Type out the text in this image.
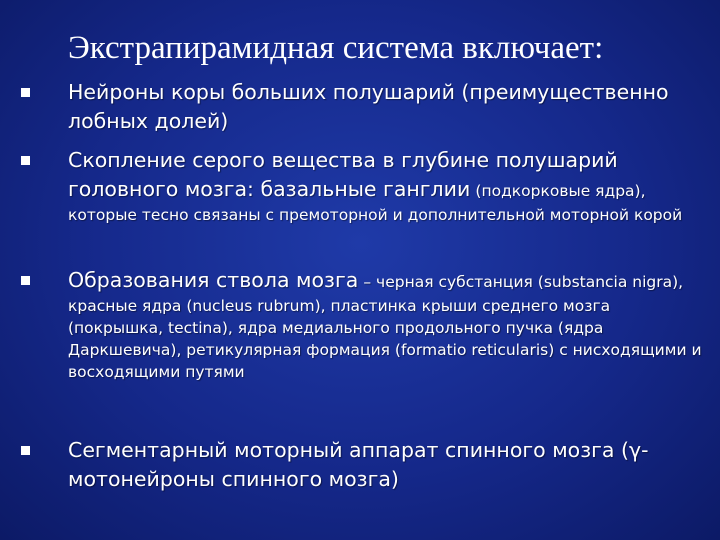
Экстрапирамидная система включает:
Нейроны коры больших полушарий (преимущественно лобных долей)
Скопление серого вещества в глубине полушарий головного мозга: базальные ганглии (подкорковые ядра), которые тесно связаны с премоторной и дополнительной моторной корой
Образования ствола мозга – черная субстанция (substancia nigra), красные ядра (nucleus rubrum), пластинка крыши среднего мозга (покрышка, tectina), ядра медиального продольного пучка (ядра Даркшевича), ретикулярная формация (formatio reticularis) с нисходящими и восходящими путями
Сегментарный моторный аппарат спинного мозга (γ-мотонейроны спинного мозга)
